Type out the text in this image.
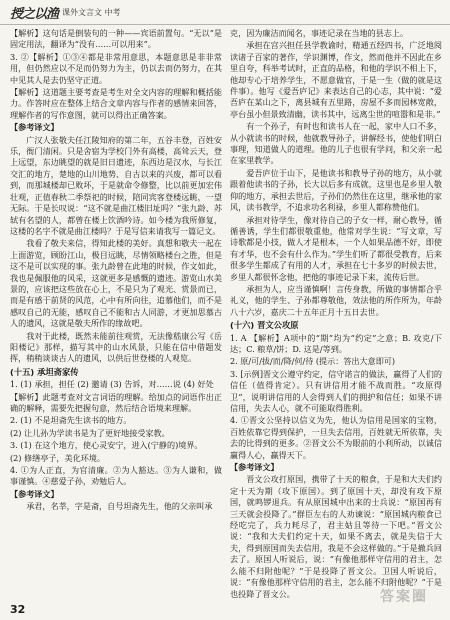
授之以渔 课外文言文 中考

【解析】这句话是倒装句的一种——宾语前置句。“无以”是固定用法，翻译为“没有……可以用来”。

3. ②【解析】①③④都是非常用意思，本题意思是非非常用，但仍然应以不足而仍努力为主，仍以去而仍努力，在其中见其人是去仍坚守正道。

【解析】这道题主要考查是考生对全文内容的理解和概括能力。作答时应在整体上结合文章内容与作者的感情来回答，理解作者的写作意图，就可以得出正确答案。

【参考译文】

广汉人张敬夫任江陵知府的第二年，五谷丰登，百姓安乐，衙门清闲。只是舍宿为学校门外有高楼，高耸云天，登上远望，东边眺望的就是旧日遗迹，东西边是汉水，与长江交汇的地方，楚地的山川地势、自古以来的兴废，都可以看到，而那城楼却已败坏，于是就命令修整，比以前更加宏伟壮观，正值春秋二季祭祀的时候，陪同宾客登楼远眺，一望无际。于是长叹说：“这不就是曲江楼旧址吗？”张九龄、苏轼有名望的人，都曾在楼上饮酒吟诗。如今楼为我所修复，这楼的名字不就是曲江楼吗？于是写信来请我写一篇记文。

我看了敬夫来信，得知此楼的美好。真想和敬夫一起在上面游览，顾盼江山，极目远眺，尽情领略楼台之胜，但是这不是可以实现的事。张九龄曾在此地的时候，作文如此，我也是佩服他的风采，这就更多是感慨的遗迹。游览山水美景的，应该把这些放在心上，不是只为了观光、赏景而已，而是有感于前贤的风范，心中有所向往，追慕他们，而不是感叹自己的无能，感叹自己不能和古人同游，才更加思慕古人的遗风，这就是敬夫所作的缘故吧。

我对于此楼，既然未能前往观赏，无法像嵇康公写《岳阳楼记》那样，描写其中的山水风景，只能在信中借题发挥，稍稍谈谈古人的遗风，以供后世登楼的人观览。

(十五) 承坦斋家传

1. (1) 承担，担任 (2) 邀请 (3) 告诉，对……说 (4) 好处

【解析】此题考查对文言词语的理解。给加点的词语作出正确的解释，需要先把握句意，然后结合语境来理解。

2. (1) 不是坦斋先生读书的地方。

(2) 让儿孙为学读书是为了更好地接受家教。

3. (1) 在这个地方，使心灵安宁，进入(宁静的)境界。

(2) 修缮亭子，美化环境。

4. ①为人正直，为官清廉。②为人豁达。③为人谦和，做事谨慎。④慈爱子孙，劝勉后人。

【参考译文】

承君，名莘，字是斋，自号坦斋先生，他的父亲叫承

克，因为廉洁而闻名，事迹记录在当地的县志上。

承担在宫兴担任县学教谕时，精通五经四书，广泛地阅读诸子百家的著作，学识渊博，作文，然而他并不因此在乡里自夸，科举考试时，正直的品格，和他的学识不相上下，他却专心于培养学生，不愿意做官，于是一生（做的就是这件事）。他写《爱吾庐记》来表达自己的心志，其中说：“爱吾庐在某山之下，离县城有五里路，房屋不多而园林宽敞，亭台虽小但景致清幽，读书其中，远离尘世的喧嚣和是非。”

有一个孙子，有时也和读书人在一起，家中人口不多，从小就读书的时候，他就教导孙子，讲解经书，使他们明白事理，知道做人的道理。他的儿子也很有学问，和父亲一起在家里教学。

爱吾庐位于山下，是他读书和教导子孙的地方，从小就跟着他读书的子孙，长大以后多有成就，这里也是乡里人敬仰的地方，承担去世后，子孙们仍然住在这里，继承他的家风，读书教学，不追求功名利禄，乡里人都称赞他们。

承担对待学生，像对待自己的子女一样，耐心教导，循循善诱，学生们都很敬重他，他常对学生说：“写文章，写诗歌都是小技，做人才是根本，一个人如果品德不好，即使有才华，也不会有什么作为。”学生们听了都很受教育，后来很多学生都成了有用的人才，承担在七十多岁的时候去世，乡里人都很怀念他，把他的事迹记录下来，流传后世。

承担为人，应当谨慎啊！言传身教，所做的事情都合乎礼义，他的学生、子孙都尊敬他，效法他的所作所为，年龄八十六岁，嘉庆二十五年正月十五日去世。

(十六) 晋文公攻原

1. A 【解析】A项中的“期”均为“约定”之意；B. 攻克/下达；C. 粮草/饼；D. 这是/等到。

2. 原/可/拔/而/降/何/待 (提示：答出大意即可)

3. [示例]晋文公遵守约定，信守诺言的做法，赢得了人们的信任（值得肯定）。只有讲信用才能不战而胜。“攻原得卫”，说明讲信用的人会得到人们的拥护和信任；如果不讲信用，失去人心，就不可能取得胜利。

4. ①晋文公坚持以信义为先，他认为信用是国家的宝物，百姓依靠它得到保护，一旦失去信用，百姓就无所依靠，失去的比得到的更多。②晋文公不为眼前的小利所动，以诚信赢得人心，赢得天下。

【参考译文】

晋文公攻打原国，携带了十天的粮食，于是和大夫们约定十天为期（攻下原国）。到了原国十天，却没有攻下原国，就鸣锣退兵。有从原国城中出来的士兵说：“原国再有三天就会投降了。”群臣左右的人劝谏说：“原国城内粮食已经吃完了，兵力耗尽了，君主姑且等待一下吧。”晋文公说：“我和大夫们约定十天，如果不离去，就是失信于大夫，得到原国而失去信用，我是不会这样做的。”于是撤兵回去了。原国人听说后，说：“有像他那样守信用的君主，怎么能不归附他呢？”于是投降了晋文公。卫国人听说后，说：“有像他那样守信用的君主，怎么能不归附他呢？”于是也投降了晋文公。

32
答案圈
